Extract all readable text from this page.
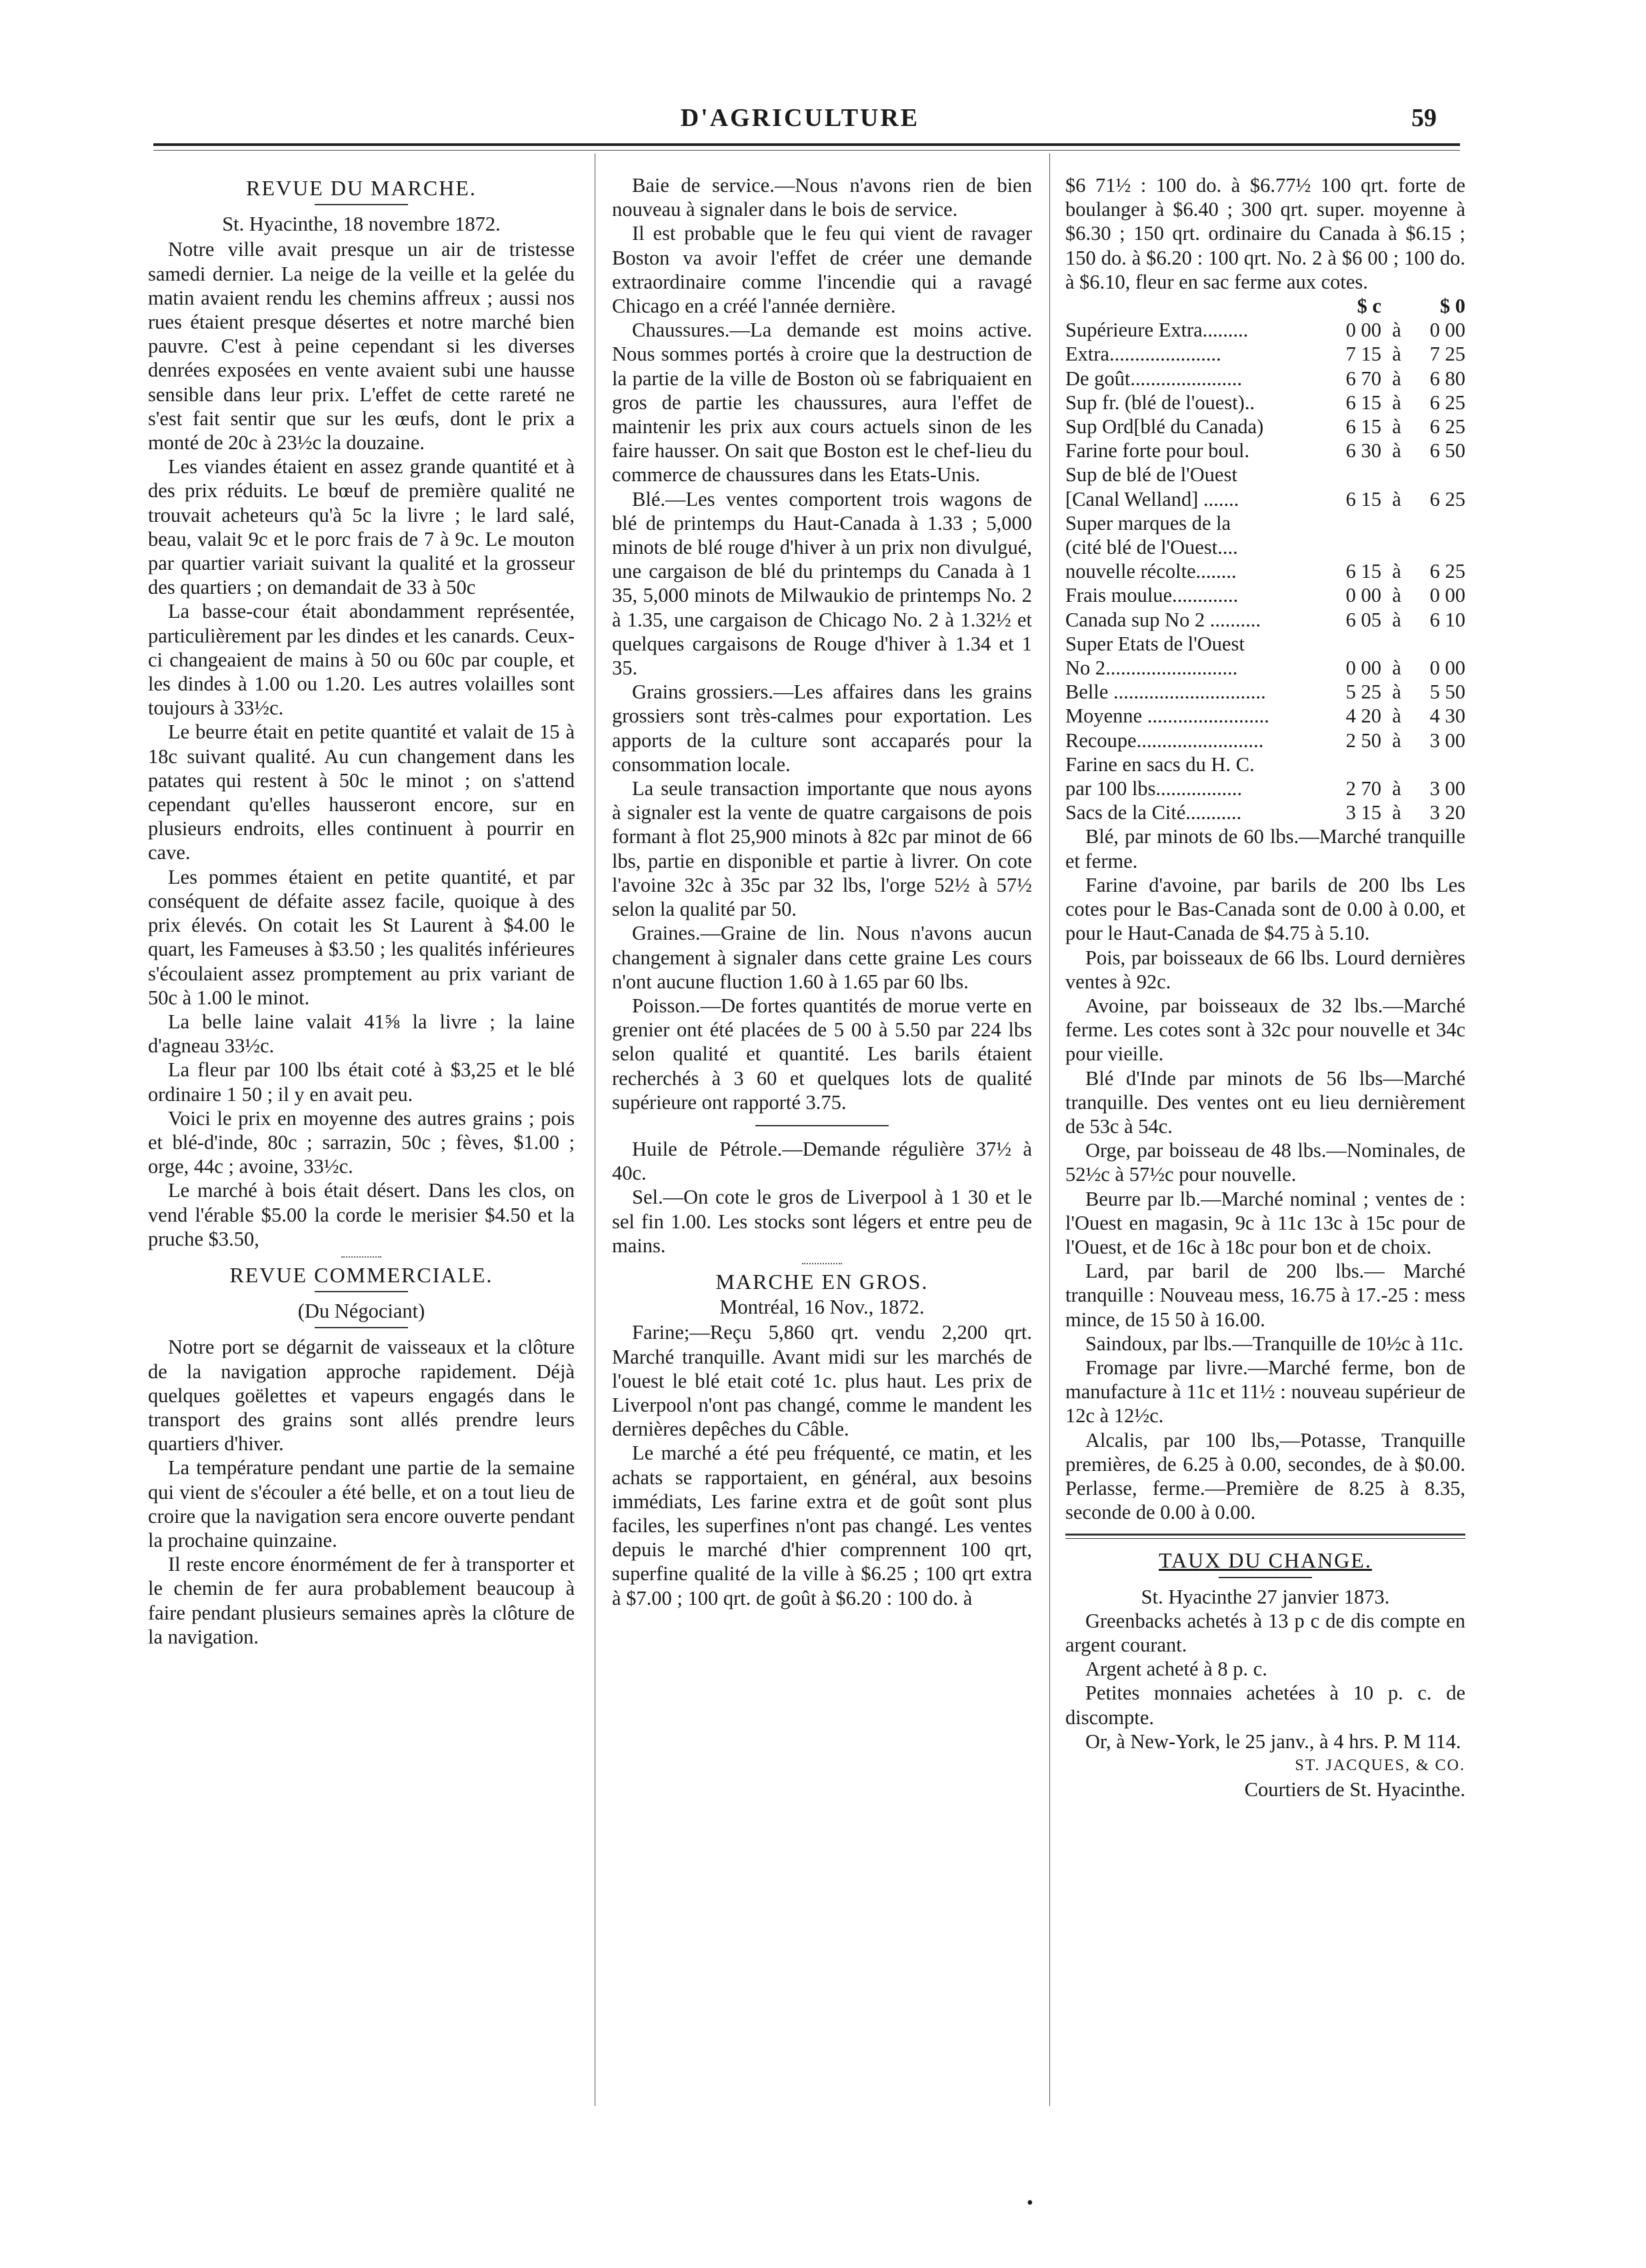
D'AGRICULTURE	59
REVUE DU MARCHE.

St. Hyacinthe, 18 novembre 1872.

Notre ville avait presque un air de tristesse samedi dernier. La neige de la veille et la gelée du matin avaient rendu les chemins affreux ; aussi nos rues étaient presque désertes et notre marché bien pauvre. C'est à peine cependant si les diverses denrées exposées en vente avaient subi une hausse sensible dans leur prix. L'effet de cette rareté ne s'est fait sentir que sur les œufs, dont le prix a monté de 20c à 23½c la douzaine.

Les viandes étaient en assez grande quantité et à des prix réduits. Le bœuf de première qualité ne trouvait acheteurs qu'à 5c la livre ; le lard salé, beau, valait 9c et le porc frais de 7 à 9c. Le mouton par quartier variait suivant la qualité et la grosseur des quartiers ; on demandait de 33 à 50c

La basse-cour était abondamment représentée, particulièrement par les dindes et les canards. Ceux-ci changeaient de mains à 50 ou 60c par couple, et les dindes à 1.00 ou 1.20. Les autres volailles sont toujours à 33½c.

Le beurre était en petite quantité et valait de 15 à 18c suivant qualité. Au cun changement dans les patates qui restent à 50c le minot ; on s'attend cependant qu'elles hausseront encore, sur en plusieurs endroits, elles continuent à pourrir en cave.

Les pommes étaient en petite quantité, et par conséquent de défaite assez facile, quoique à des prix élevés. On cotait les St Laurent à $4.00 le quart, les Fameuses à $3.50 ; les qualités inférieures s'écoulaient assez promptement au prix variant de 50c à 1.00 le minot.

La belle laine valait 41⅝ la livre ; la laine d'agneau 33½c.

La fleur par 100 lbs était coté à $3,25 et le blé ordinaire 1 50 ; il y en avait peu.

Voici le prix en moyenne des autres grains ; pois et blé-d'inde, 80c ; sarrazin, 50c ; fèves, $1.00 ; orge, 44c ; avoine, 33½c.

Le marché à bois était désert. Dans les clos, on vend l'érable $5.00 la corde le merisier $4.50 et la pruche $3.50,

REVUE COMMERCIALE.

(Du Négociant)

Notre port se dégarnit de vaisseaux et la clôture de la navigation approche rapidement. Déjà quelques goëlettes et vapeurs engagés dans le transport des grains sont allés prendre leurs quartiers d'hiver.

La température pendant une partie de la semaine qui vient de s'écouler a été belle, et on a tout lieu de croire que la navigation sera encore ouverte pendant la prochaine quinzaine.

Il reste encore énormément de fer à transporter et le chemin de fer aura probablement beaucoup à faire pendant plusieurs semaines après la clôture de la navigation.

Baie de service.—Nous n'avons rien de bien nouveau à signaler dans le bois de service.

Il est probable que le feu qui vient de ravager Boston va avoir l'effet de créer une demande extraordinaire comme l'incendie qui a ravagé Chicago en a créé l'année dernière.

Chaussures.—La demande est moins active. Nous sommes portés à croire que la destruction de la partie de la ville de Boston où se fabriquaient en gros de partie les chaussures, aura l'effet de maintenir les prix aux cours actuels sinon de les faire hausser. On sait que Boston est le chef-lieu du commerce de chaussures dans les Etats-Unis.

Blé.—Les ventes comportent trois wagons de blé de printemps du Haut-Canada à 1.33 ; 5,000 minots de blé rouge d'hiver à un prix non divulgué, une cargaison de blé du printemps du Canada à 1 35, 5,000 minots de Milwaukio de printemps No. 2 à 1.35, une cargaison de Chicago No. 2 à 1.32½ et quelques cargaisons de Rouge d'hiver à 1.34 et 1 35.

Grains grossiers.—Les affaires dans les grains grossiers sont très-calmes pour exportation. Les apports de la culture sont accaparés pour la consommation locale.

La seule transaction importante que nous ayons à signaler est la vente de quatre cargaisons de pois formant à flot 25,900 minots à 82c par minot de 66 lbs, partie en disponible et partie à livrer. On cote l'avoine 32c à 35c par 32 lbs, l'orge 52½ à 57½ selon la qualité par 50.

Graines.—Graine de lin. Nous n'avons aucun changement à signaler dans cette graine Les cours n'ont aucune fluction 1.60 à 1.65 par 60 lbs.

Poisson.—De fortes quantités de morue verte en grenier ont été placées de 5 00 à 5.50 par 224 lbs selon qualité et quantité. Les barils étaient recherchés à 3 60 et quelques lots de qualité supérieure ont rapporté 3.75.

Huile de Pétrole.—Demande régulière 37½ à 40c.

Sel.—On cote le gros de Liverpool à 1 30 et le sel fin 1.00. Les stocks sont légers et entre peu de mains.

MARCHE EN GROS.

Montréal, 16 Nov., 1872.

Farine;—Reçu 5,860 qrt. vendu 2,200 qrt. Marché tranquille. Avant midi sur les marchés de l'ouest le blé etait coté 1c. plus haut. Les prix de Liverpool n'ont pas changé, comme le mandent les dernières depêches du Câble.

Le marché a été peu fréquenté, ce matin, et les achats se rapportaient, en général, aux besoins immédiats, Les farine extra et de goût sont plus faciles, les superfines n'ont pas changé. Les ventes depuis le marché d'hier comprennent 100 qrt, superfine qualité de la ville à $6.25 ; 100 qrt extra à $7.00 ; 100 qrt. de goût à $6.20 : 100 do. à

$6 71½ : 100 do. à $6.77½ 100 qrt. forte de boulanger à $6.40 ; 300 qrt. super. moyenne à $6.30 ; 150 qrt. ordinaire du Canada à $6.15 ; 150 do. à $6.20 : 100 qrt. No. 2 à $6 00 ; 100 do. à $6.10, fleur en sac ferme aux cotes.

$ c	$ 0
Supérieure Extra.........	0 00 à	0 00
Extra......................	7 15 à	7 25
De goût......................	6 70 à	6 80
Sup fr. (blé de l'ouest)..	6 15 à	6 25
Sup Ord[blé du Canada)	6 15 à	6 25
Farine forte pour boul.	6 30 à	6 50
Sup de blé de l'Ouest
[Canal Welland] .......	6 15 à	6 25
Super marques de la
(cité blé de l'Ouest....
nouvelle récolte........	6 15 à	6 25
Frais moulue.............	0 00 à	0 00
Canada sup No 2 ..........	6 05 à	6 10
Super Etats de l'Ouest
No 2..........................	0 00 à	0 00
Belle ..............................	5 25 à	5 50
Moyenne ........................	4 20 à	4 30
Recoupe.........................	2 50 à	3 00
Farine en sacs du H. C.
par 100 lbs.................	2 70 à	3 00
Sacs de la Cité...........	3 15 à	3 20

Blé, par minots de 60 lbs.—Marché tranquille et ferme.

Farine d'avoine, par barils de 200 lbs Les cotes pour le Bas-Canada sont de 0.00 à 0.00, et pour le Haut-Canada de $4.75 à 5.10.

Pois, par boisseaux de 66 lbs. Lourd dernières ventes à 92c.

Avoine, par boisseaux de 32 lbs.—Marché ferme. Les cotes sont à 32c pour nouvelle et 34c pour vieille.

Blé d'Inde par minots de 56 lbs—Marché tranquille. Des ventes ont eu lieu dernièrement de 53c à 54c.

Orge, par boisseau de 48 lbs.—Nominales, de 52½c à 57½c pour nouvelle.

Beurre par lb.—Marché nominal ; ventes de : l'Ouest en magasin, 9c à 11c 13c à 15c pour de l'Ouest, et de 16c à 18c pour bon et de choix.

Lard, par baril de 200 lbs.— Marché tranquille : Nouveau mess, 16.75 à 17.-25 : mess mince, de 15 50 à 16.00.

Saindoux, par lbs.—Tranquille de 10½c à 11c.

Fromage par livre.—Marché ferme, bon de manufacture à 11c et 11½ : nouveau supérieur de 12c à 12½c.

Alcalis, par 100 lbs,—Potasse, Tranquille premières, de 6.25 à 0.00, secondes, de à $0.00. Perlasse, ferme.—Première de 8.25 à 8.35, seconde de 0.00 à 0.00.

TAUX DU CHANGE.

St. Hyacinthe 27 janvier 1873.

Greenbacks achetés à 13 p c de dis compte en argent courant.

Argent acheté à 8 p. c.

Petites monnaies achetées à 10 p. c. de discompte.

Or, à New-York, le 25 janv., à 4 hrs. P. M 114.

ST. JACQUES, & CO.

Courtiers de St. Hyacinthe.

•
